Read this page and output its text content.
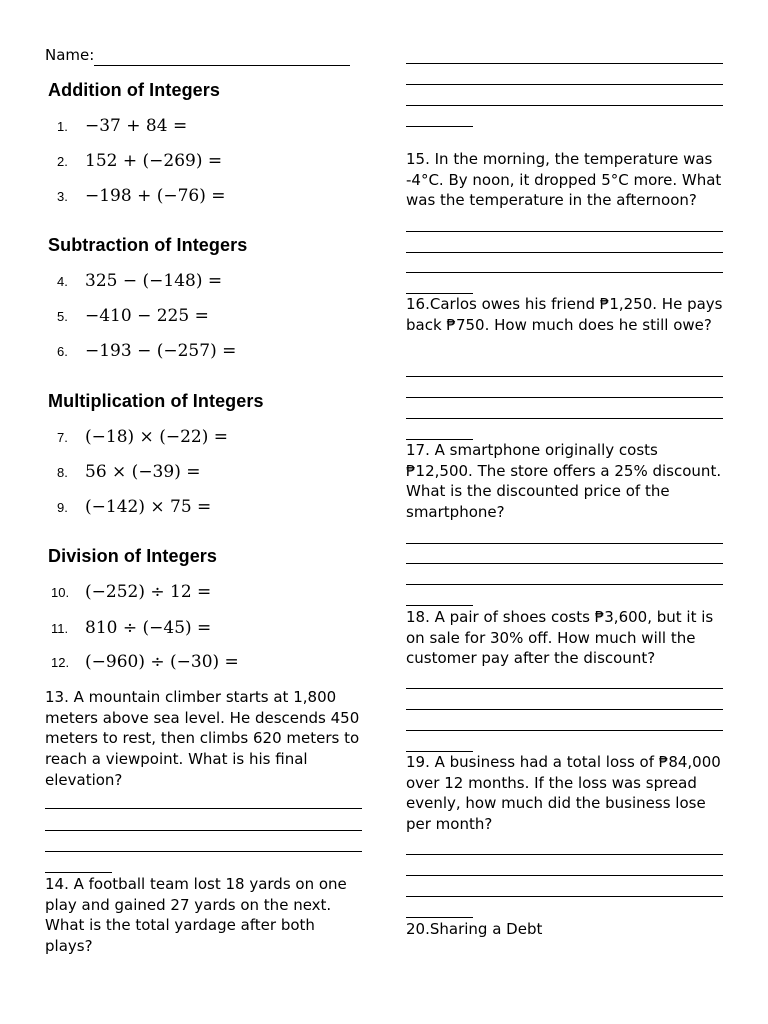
Name:
Addition of Integers
1. −37 + 84 =
2. 152 + (−269) =
3. −198 + (−76) =
Subtraction of Integers
4. 325 − (−148) =
5. −410 − 225 =
6. −193 − (−257) =
Multiplication of Integers
7. (−18) × (−22) =
8. 56 × (−39) =
9. (−142) × 75 =
Division of Integers
10. (−252) ÷ 12 =
11. 810 ÷ (−45) =
12. (−960) ÷ (−30) =
13. A mountain climber starts at 1,800 meters above sea level. He descends 450 meters to rest, then climbs 620 meters to reach a viewpoint. What is his final elevation?
14. A football team lost 18 yards on one play and gained 27 yards on the next. What is the total yardage after both plays?
15. In the morning, the temperature was -4°C. By noon, it dropped 5°C more. What was the temperature in the afternoon?
16.Carlos owes his friend ₱1,250. He pays back ₱750. How much does he still owe?
17. A smartphone originally costs ₱12,500. The store offers a 25% discount. What is the discounted price of the smartphone?
18. A pair of shoes costs ₱3,600, but it is on sale for 30% off. How much will the customer pay after the discount?
19. A business had a total loss of ₱84,000 over 12 months. If the loss was spread evenly, how much did the business lose per month?
20.Sharing a Debt
